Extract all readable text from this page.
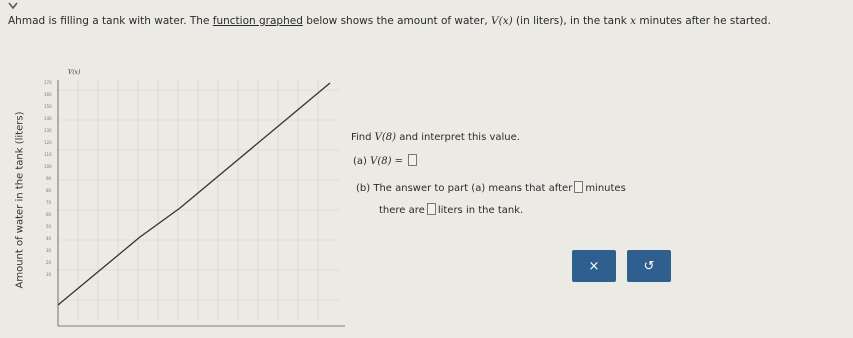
Ahmad is filling a tank with water. The function graphed below shows the amount of water, V(x) (in liters), in the tank x minutes after he started.
Amount of water in the tank (liters)
V(x)
170
160
150
140
130
120
110
100
90
80
70
60
50
40
30
20
10
Find V(8) and interpret this value.
(a) V(8) =
(b) The answer to part (a) means that after minutes
there are liters in the tank.
×	↺
